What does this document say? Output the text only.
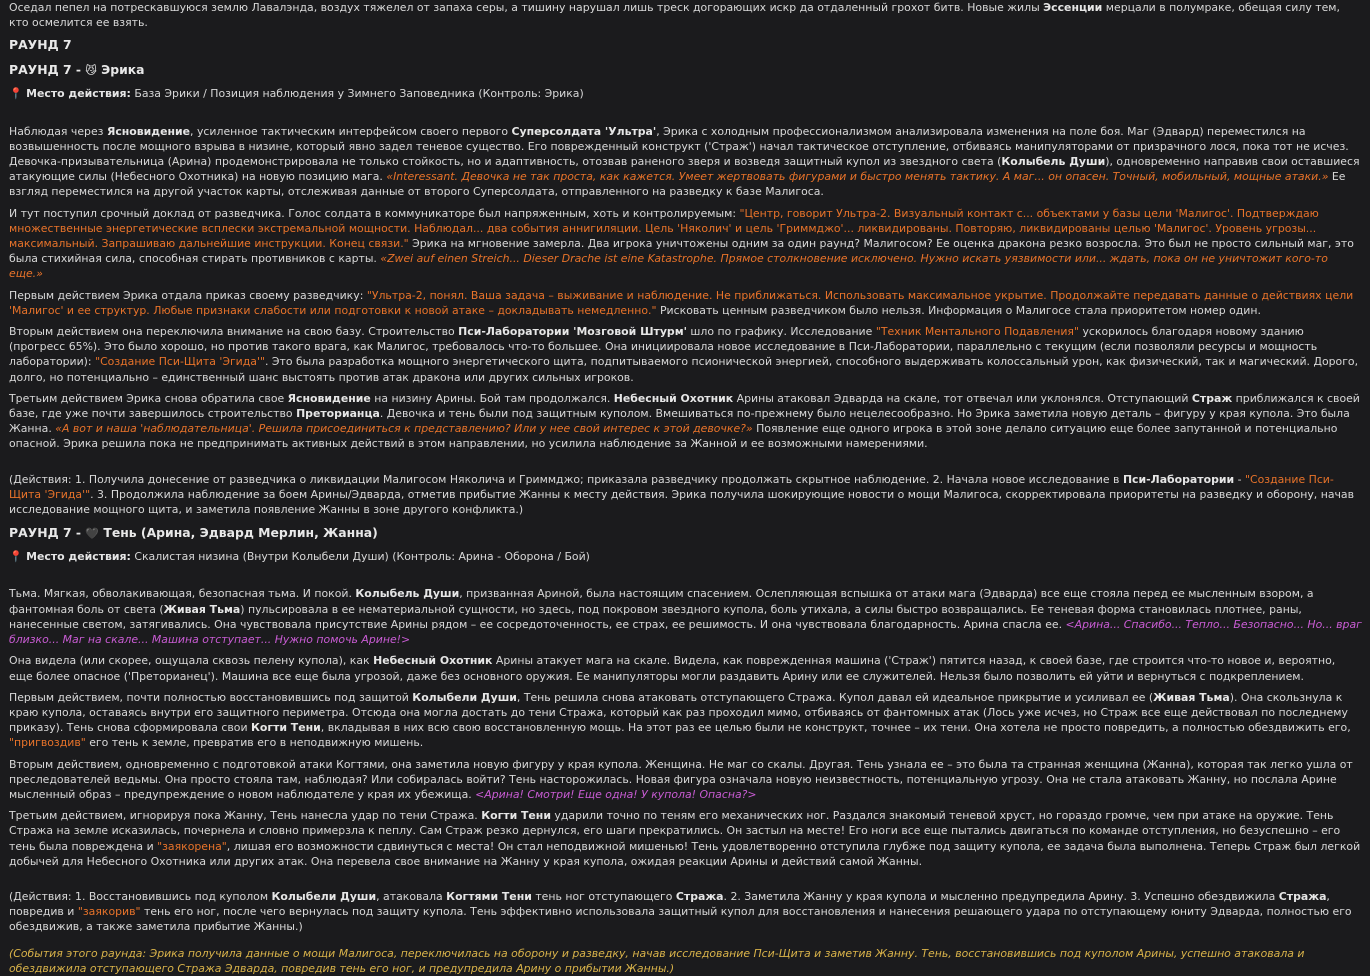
Оседал пепел на потрескавшуюся землю Лавалэнда, воздух тяжелел от запаха серы, а тишину нарушал лишь треск догорающих искр да отдаленный грохот битв. Новые жилы Эссенции мерцали в полумраке, обещая силу тем, кто осмелится ее взять.

РАУНД 7
РАУНД 7 - 😼 Эрика

📍 Место действия: База Эрики / Позиция наблюдения у Зимнего Заповедника (Контроль: Эрика)

Наблюдая через Ясновидение, усиленное тактическим интерфейсом своего первого Суперсолдата 'Ультра', Эрика с холодным профессионализмом анализировала изменения на поле боя. Маг (Эдвард) переместился на возвышенность после мощного взрыва в низине, который явно задел теневое существо. Его поврежденный конструкт ('Страж') начал тактическое отступление, отбиваясь манипуляторами от призрачного лося, пока тот не исчез. Девочка-призывательница (Арина) продемонстрировала не только стойкость, но и адаптивность, отозвав раненого зверя и возведя защитный купол из звездного света (Колыбель Души), одновременно направив свои оставшиеся атакующие силы (Небесного Охотника) на новую позицию мага. «Interessant. Девочка не так проста, как кажется. Умеет жертвовать фигурами и быстро менять тактику. А маг... он опасен. Точный, мобильный, мощные атаки.» Ее взгляд переместился на другой участок карты, отслеживая данные от второго Суперсолдата, отправленного на разведку к базе Малигоса.

И тут поступил срочный доклад от разведчика. Голос солдата в коммуникаторе был напряженным, хоть и контролируемым: "Центр, говорит Ультра-2. Визуальный контакт с... объектами у базы цели 'Малигос'. Подтверждаю множественные энергетические всплески экстремальной мощности. Наблюдал... два события аннигиляции. Цель 'Няколич' и цель 'Гриммджо'... ликвидированы. Повторяю, ликвидированы целью 'Малигос'. Уровень угрозы... максимальный. Запрашиваю дальнейшие инструкции. Конец связи." Эрика на мгновение замерла. Два игрока уничтожены одним за один раунд? Малигосом? Ее оценка дракона резко возросла. Это был не просто сильный маг, это была стихийная сила, способная стирать противников с карты. «Zwei auf einen Streich... Dieser Drache ist eine Katastrophe. Прямое столкновение исключено. Нужно искать уязвимости или... ждать, пока он не уничтожит кого-то еще.»

Первым действием Эрика отдала приказ своему разведчику: "Ультра-2, понял. Ваша задача – выживание и наблюдение. Не приближаться. Использовать максимальное укрытие. Продолжайте передавать данные о действиях цели 'Малигос' и ее структур. Любые признаки слабости или подготовки к новой атаке – докладывать немедленно." Рисковать ценным разведчиком было нельзя. Информация о Малигосе стала приоритетом номер один.

Вторым действием она переключила внимание на свою базу. Строительство Пси-Лаборатории 'Мозговой Штурм' шло по графику. Исследование "Техник Ментального Подавления" ускорилось благодаря новому зданию (прогресс 65%). Это было хорошо, но против такого врага, как Малигос, требовалось что-то большее. Она инициировала новое исследование в Пси-Лаборатории, параллельно с текущим (если позволяли ресурсы и мощность лаборатории): "Создание Пси-Щита 'Эгида'". Это была разработка мощного энергетического щита, подпитываемого псионической энергией, способного выдерживать колоссальный урон, как физический, так и магический. Дорого, долго, но потенциально – единственный шанс выстоять против атак дракона или других сильных игроков.

Третьим действием Эрика снова обратила свое Ясновидение на низину Арины. Бой там продолжался. Небесный Охотник Арины атаковал Эдварда на скале, тот отвечал или уклонялся. Отступающий Страж приближался к своей базе, где уже почти завершилось строительство Преторианца. Девочка и тень были под защитным куполом. Вмешиваться по-прежнему было нецелесообразно. Но Эрика заметила новую деталь – фигуру у края купола. Это была Жанна. «А вот и наша 'наблюдательница'. Решила присоединиться к представлению? Или у нее свой интерес к этой девочке?» Появление еще одного игрока в этой зоне делало ситуацию еще более запутанной и потенциально опасной. Эрика решила пока не предпринимать активных действий в этом направлении, но усилила наблюдение за Жанной и ее возможными намерениями.

(Действия: 1. Получила донесение от разведчика о ликвидации Малигосом Няколича и Гриммджо; приказала разведчику продолжать скрытное наблюдение. 2. Начала новое исследование в Пси-Лаборатории - "Создание Пси-Щита 'Эгида'". 3. Продолжила наблюдение за боем Арины/Эдварда, отметив прибытие Жанны к месту действия. Эрика получила шокирующие новости о мощи Малигоса, скорректировала приоритеты на разведку и оборону, начав исследование мощного щита, и заметила появление Жанны в зоне другого конфликта.)

РАУНД 7 - 🖤 Тень (Арина, Эдвард Мерлин, Жанна)

📍 Место действия: Скалистая низина (Внутри Колыбели Души) (Контроль: Арина - Оборона / Бой)

Тьма. Мягкая, обволакивающая, безопасная тьма. И покой. Колыбель Души, призванная Ариной, была настоящим спасением. Ослепляющая вспышка от атаки мага (Эдварда) все еще стояла перед ее мысленным взором, а фантомная боль от света (Живая Тьма) пульсировала в ее нематериальной сущности, но здесь, под покровом звездного купола, боль утихала, а силы быстро возвращались. Ее теневая форма становилась плотнее, раны, нанесенные светом, затягивались. Она чувствовала присутствие Арины рядом – ее сосредоточенность, ее страх, ее решимость. И она чувствовала благодарность. Арина спасла ее. <Арина... Спасибо... Тепло... Безопасно... Но... враг близко... Маг на скале... Машина отступает... Нужно помочь Арине!>

Она видела (или скорее, ощущала сквозь пелену купола), как Небесный Охотник Арины атакует мага на скале. Видела, как поврежденная машина ('Страж') пятится назад, к своей базе, где строится что-то новое и, вероятно, еще более опасное ('Преторианец'). Машина все еще была угрозой, даже без основного оружия. Ее манипуляторы могли раздавить Арину или ее служителей. Нельзя было позволить ей уйти и вернуться с подкреплением.

Первым действием, почти полностью восстановившись под защитой Колыбели Души, Тень решила снова атаковать отступающего Стража. Купол давал ей идеальное прикрытие и усиливал ее (Живая Тьма). Она скользнула к краю купола, оставаясь внутри его защитного периметра. Отсюда она могла достать до тени Стража, который как раз проходил мимо, отбиваясь от фантомных атак (Лось уже исчез, но Страж все еще действовал по последнему приказу). Тень снова сформировала свои Когти Тени, вкладывая в них всю свою восстановленную мощь. На этот раз ее целью были не конструкт, точнее – их тени. Она хотела не просто повредить, а полностью обездвижить его, "пригвоздив" его тень к земле, превратив его в неподвижную мишень.

Вторым действием, одновременно с подготовкой атаки Когтями, она заметила новую фигуру у края купола. Женщина. Не маг со скалы. Другая. Тень узнала ее – это была та странная женщина (Жанна), которая так легко ушла от преследователей ведьмы. Она просто стояла там, наблюдая? Или собиралась войти? Тень насторожилась. Новая фигура означала новую неизвестность, потенциальную угрозу. Она не стала атаковать Жанну, но послала Арине мысленный образ – предупреждение о новом наблюдателе у края их убежища. <Арина! Смотри! Еще одна! У купола! Опасна?>

Третьим действием, игнорируя пока Жанну, Тень нанесла удар по тени Стража. Когти Тени ударили точно по теням его механических ног. Раздался знакомый теневой хруст, но гораздо громче, чем при атаке на оружие. Тень Стража на земле исказилась, почернела и словно примерзла к пеплу. Сам Страж резко дернулся, его шаги прекратились. Он застыл на месте! Его ноги все еще пытались двигаться по команде отступления, но безуспешно – его тень была повреждена и "заякорена", лишая его возможности сдвинуться с места! Он стал неподвижной мишенью! Тень удовлетворенно отступила глубже под защиту купола, ее задача была выполнена. Теперь Страж был легкой добычей для Небесного Охотника или других атак. Она перевела свое внимание на Жанну у края купола, ожидая реакции Арины и действий самой Жанны.

(Действия: 1. Восстановившись под куполом Колыбели Души, атаковала Когтями Тени тень ног отступающего Стража. 2. Заметила Жанну у края купола и мысленно предупредила Арину. 3. Успешно обездвижила Стража, повредив и "заякорив" тень его ног, после чего вернулась под защиту купола. Тень эффективно использовала защитный купол для восстановления и нанесения решающего удара по отступающему юниту Эдварда, полностью его обездвижив, а также заметила прибытие Жанны.)

(События этого раунда: Эрика получила данные о мощи Малигоса, переключилась на оборону и разведку, начав исследование Пси-Щита и заметив Жанну. Тень, восстановившись под куполом Арины, успешно атаковала и обездвижила отступающего Стража Эдварда, повредив тень его ног, и предупредила Арину о прибытии Жанны.)
